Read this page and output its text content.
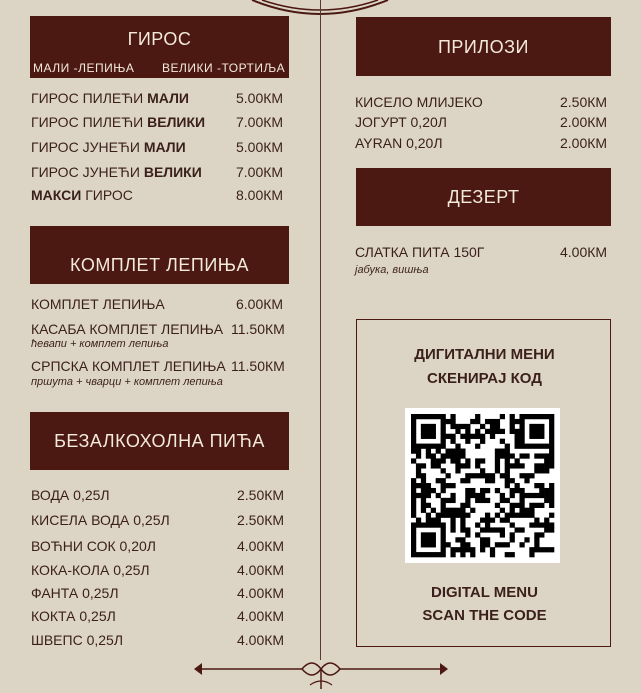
ГИРОС
МАЛИ -ЛЕПИЊА ВЕЛИКИ -ТОРТИЉА
ГИРОС ПИЛЕЋИ МАЛИ	5.00КМ
ГИРОС ПИЛЕЋИ ВЕЛИКИ 7.00КМ
ГИРОС ЈУНЕЋИ МАЛИ	5.00КМ
ГИРОС ЈУНЕЋИ ВЕЛИКИ 7.00КМ
МАКСИ ГИРОС	8.00КМ
КОМПЛЕТ ЛЕПИЊА
КОМПЛЕТ ЛЕПИЊА	6.00КМ
КАСАБА КОМПЛЕТ ЛЕПИЊА 11.50КМ
ћевапи + комплет лепиња
СРПСКА КОМПЛЕТ ЛЕПИЊА 11.50КМ
пршута + чварци + комплет лепиња
БЕЗАЛКОХОЛНА ПИЋА
ВОДА 0,25Л	2.50КМ
КИСЕЛА ВОДА 0,25Л	2.50КМ
ВОЋНИ СОК 0,20Л	4.00КМ
КОКА-КОЛА 0,25Л	4.00КМ
ФАНТА 0,25Л	4.00КМ
КОКТА 0,25Л	4.00КМ
ШВЕПС 0,25Л	4.00КМ
ПРИЛОЗИ
КИСЕЛО МЛИЈЕКО	2.50КМ
ЈОГУРТ 0,20Л	2.00КМ
AYRAN 0,20Л	2.00КМ
ДЕЗЕРТ
СЛАТКА ПИТА 150Г	4.00КМ
јабука, вишња
ДИГИТАЛНИ МЕНИ
СКЕНИРАЈ КОД
DIGITAL MENU
SCAN THE CODE
